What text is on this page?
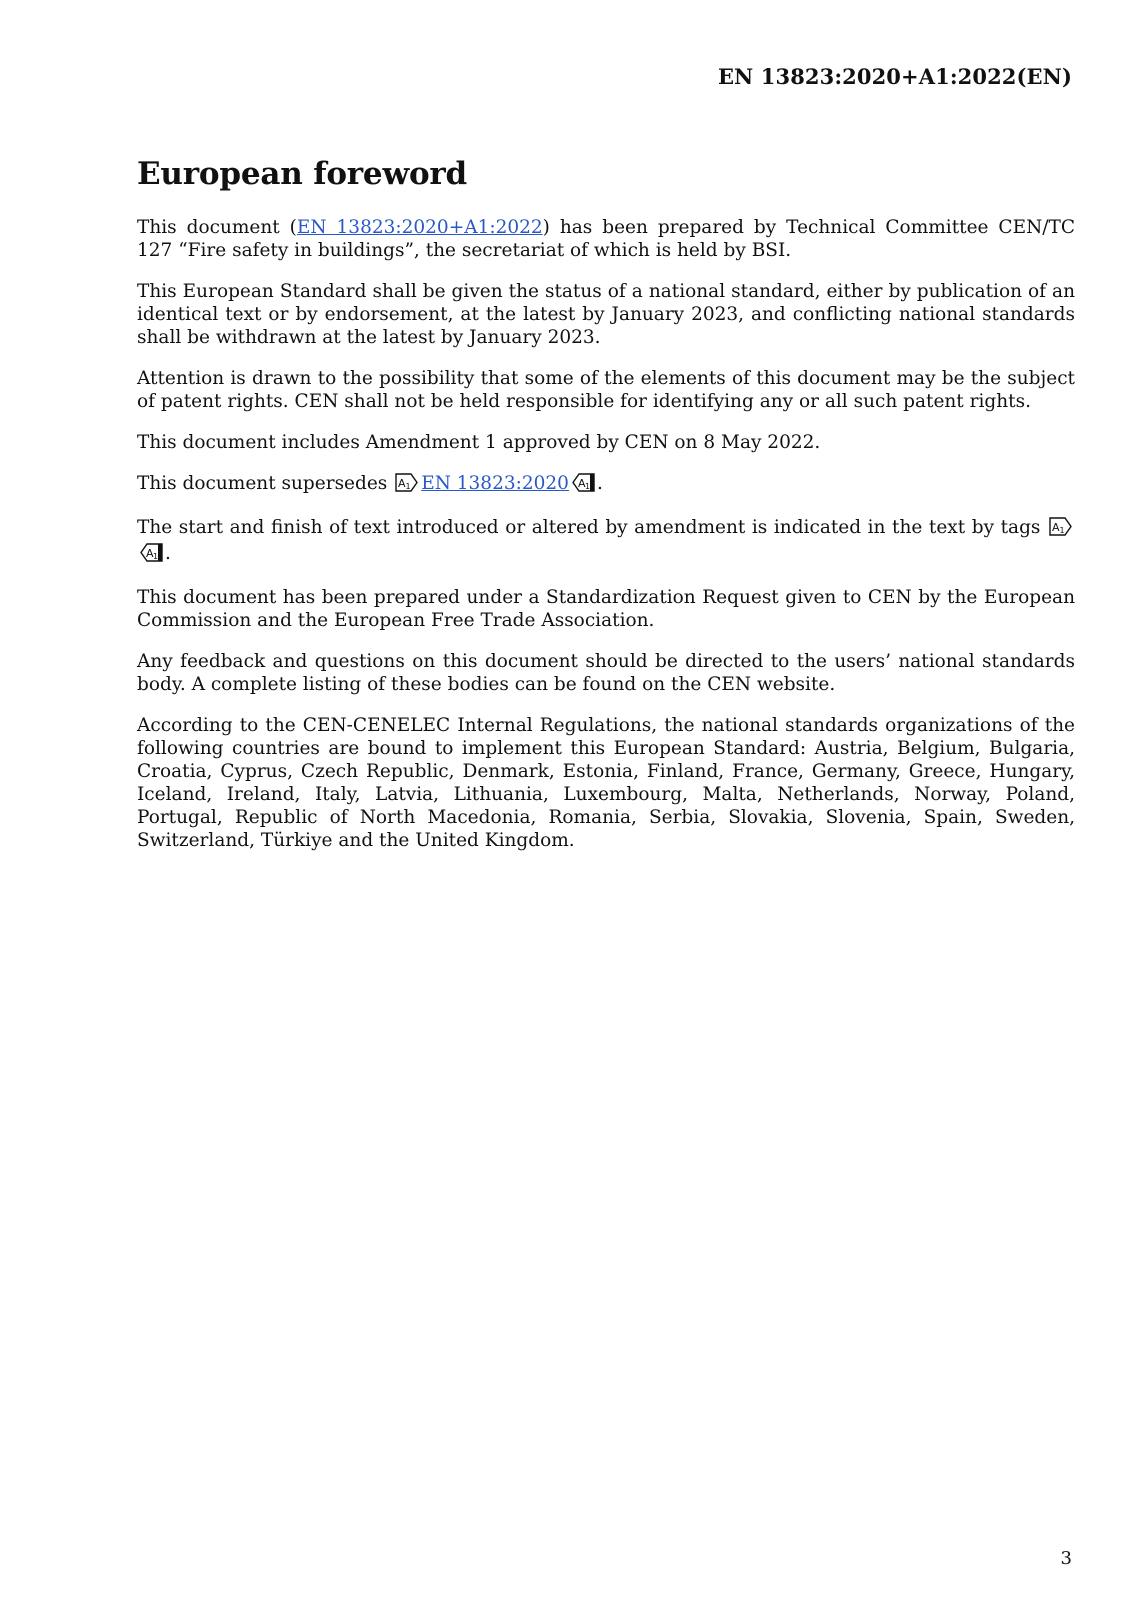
EN 13823:2020+A1:2022(EN)
European foreword

This document (EN 13823:2020+A1:2022) has been prepared by Technical Committee CEN/TC 127 “Fire safety in buildings”, the secretariat of which is held by BSI.

This European Standard shall be given the status of a national standard, either by publication of an identical text or by endorsement, at the latest by January 2023, and conflicting national standards shall be withdrawn at the latest by January 2023.

Attention is drawn to the possibility that some of the elements of this document may be the subject of patent rights. CEN shall not be held responsible for identifying any or all such patent rights.

This document includes Amendment 1 approved by CEN on 8 May 2022.

This document supersedes A 1 EN 13823:2020 A 1 .

The start and finish of text introduced or altered by amendment is indicated in the text by tags A 1
A 1 .

This document has been prepared under a Standardization Request given to CEN by the European Commission and the European Free Trade Association.

Any feedback and questions on this document should be directed to the users’ national standards body. A complete listing of these bodies can be found on the CEN website.

According to the CEN-CENELEC Internal Regulations, the national standards organizations of the following countries are bound to implement this European Standard: Austria, Belgium, Bulgaria, Croatia, Cyprus, Czech Republic, Denmark, Estonia, Finland, France, Germany, Greece, Hungary, Iceland, Ireland, Italy, Latvia, Lithuania, Luxembourg, Malta, Netherlands, Norway, Poland, Portugal, Republic of North Macedonia, Romania, Serbia, Slovakia, Slovenia, Spain, Sweden, Switzerland, Türkiye and the United Kingdom.

3
